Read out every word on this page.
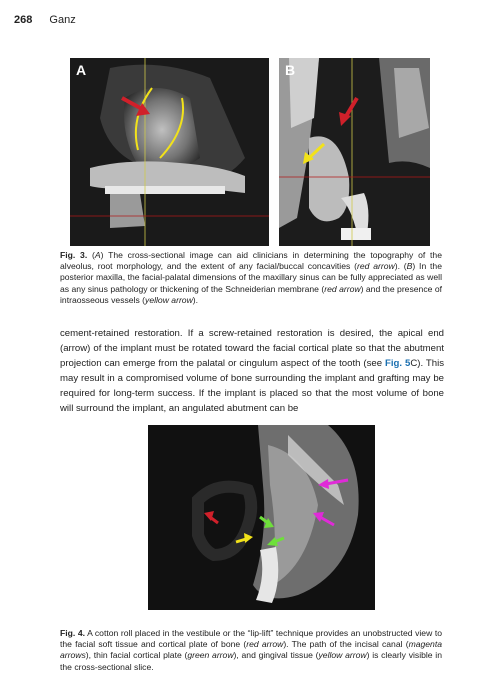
268 Ganz
A	B
Fig. 3. (A) The cross-sectional image can aid clinicians in determining the topography of the alveolus, root morphology, and the extent of any facial/buccal concavities (red arrow). (B) In the posterior maxilla, the facial-palatal dimensions of the maxillary sinus can be fully appreciated as well as any sinus pathology or thickening of the Schneiderian membrane (red arrow) and the presence of intraosseous vessels (yellow arrow).
cement-retained restoration. If a screw-retained restoration is desired, the apical end (arrow) of the implant must be rotated toward the facial cortical plate so that the abutment projection can emerge from the palatal or cingulum aspect of the tooth (see Fig. 5C). This may result in a compromised volume of bone surrounding the implant and grafting may be required for long-term success. If the implant is placed so that the most volume of bone will surround the implant, an angulated abutment can be
Fig. 4. A cotton roll placed in the vestibule or the “lip-lift” technique provides an unobstructed view to the facial soft tissue and cortical plate of bone (red arrow). The path of the incisal canal (magenta arrows), thin facial cortical plate (green arrow), and gingival tissue (yellow arrow) is clearly visible in the cross-sectional slice.
